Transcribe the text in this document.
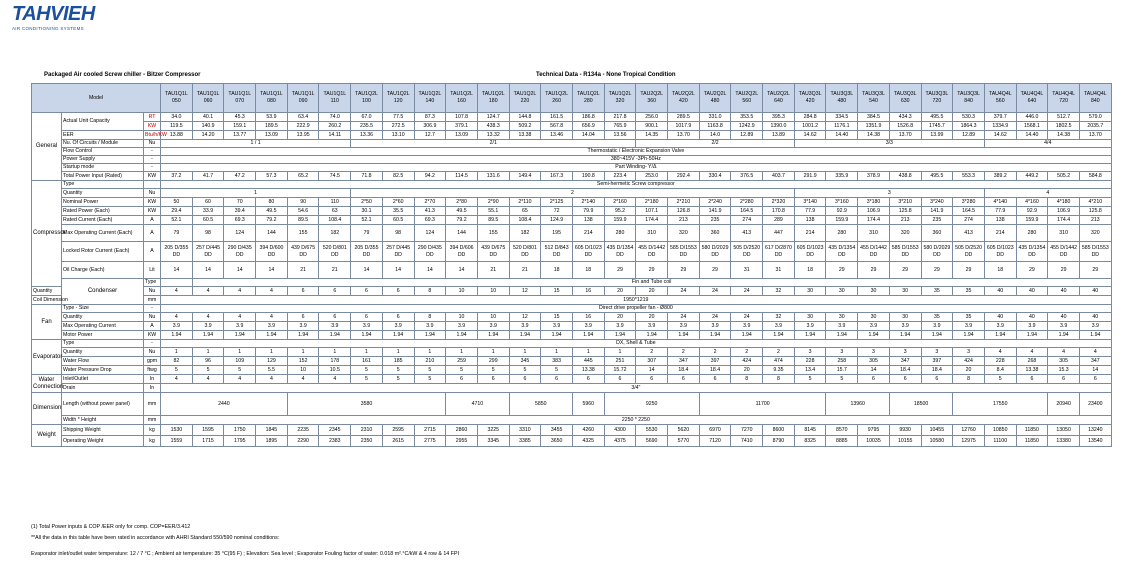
TAHVIEH
AIR CONDITIONING SYSTEMS
Packaged Air cooled Screw chiller - Bitzer Compressor	Technical Data - R134a - None Tropical Condition
Model			TAU1Q1L 050	TAU1Q1L 060	TAU1Q1L 070	TAU1Q1L 080	TAU1Q1L 090	TAU1Q1L 110	TAU1Q2L 100	TAU1Q2L 120	TAU1Q2L 140	TAU1Q2L 160	TAU1Q2L 180	TAU1Q2L 220	TAU1Q2L 260	TAU1Q2L 280	TAU1Q2L 320	TAU2Q2L 360	TAU2Q2L 420	TAU2Q2L 480	TAU2Q2L 560	TAU2Q2L 640	TAU3Q3L 420	TAU3Q3L 480	TAU3Q3L 540	TAU3Q3L 630	TAU3Q3L 720	TAU3Q3L 840	TAU4Q4L 560	TAU4Q4L 640	TAU4Q4L 720	TAU4Q4L 840
General	Actual Unit Capacity	RT	34.0	40.1	45.3	53.9	63.4	74.0	67.0	77.5	87.3	107.8	124.7	144.8	161.5	186.8	217.8	256.0	289.5	331.0	353.5	395.3	284.8	334.5	384.5	434.3	495.5	530.3	379.7	446.0	512.7	579.0
		KW	119.5	140.9	159.1	189.5	222.9	260.2	235.5	272.5	306.9	379.1	438.3	509.2	567.8	656.9	765.9	900.1	1017.9	1163.8	1242.9	1390.0	1001.2	1176.1	1351.9	1526.8	1745.7	1864.3	1334.9	1568.1	1802.5	2035.7
	EER	Btu/h/KW	13.88	14.20	13.77	13.09	13.95	14.11	13.36	13.10	12.7	13.09	13.32	13.38	13.46	14.04	13.56	14.35	13.70	14.0	12.89	13.89	14.62	14.40	14.38	13.70	13.99	12.89	14.62	14.40	14.38	13.70
	Nu. Of Circuits / Module	Nu	1 / 1						2/1									2/2					3/3						4/4			
	Flow Control	-	Thermostatic / Electronic Expansion Valve																													
	Power Supply	-	380~415V -3Ph-50Hz																													
	Startup mode	-	Part Winding- Y/Δ																													
	Total Power Input (Rated)	KW	37.2	41.7	47.2	57.3	65.2	74.5	71.8	82.5	94.2	114.5	131.6	149.4	167.3	190.8	223.4	253.0	292.4	330.4	376.5	403.7	291.9	335.9	378.9	438.8	495.5	553.3	389.2	449.2	505.2	584.8
Compressor	Type		Semi-hermetic Screw compressor																													
	Quantity	Nu	1						2														3						4			
	Nominal Power	KW	50	60	70	80	90	110	2*50	2*60	2*70	2*80	2*90	2*110	2*125	2*140	2*160	2*180	2*210	2*240	2*280	2*320	3*140	3*160	3*180	3*210	3*240	3*280	4*140	4*160	4*180	4*210
	Rated Power (Each)	KW	29.4	33.9	39.4	49.5	54.6	63	30.1	35.5	41.3	49.5	55.1	65	72	79.9	95.2	107.1	126.8	141.9	164.5	170.8	77.9	92.9	106.9	125.8	141.9	164.5	77.9	92.9	106.9	125.8
	Rated Current (Each)	A	52.1	60.5	69.3	79.2	89.5	108.4	52.1	60.5	69.3	79.2	89.5	108.4	124.9	138	159.9	174.4	213	235	274	289	138	159.9	174.4	213	235	274	138	159.9	174.4	213
	Max Operating Current (Each)	A	79	98	124	144	155	182	79	98	124	144	155	182	195	214	280	310	320	360	413	447	214	280	310	320	360	413	214	280	310	320
	Locked Rotor Current (Each)	A	205 D/355 DD	257 D/445 DD	290 D/435 DD	394 D/600 DD	439 D/675 DD	520 D/801 DD	205 D/355 DD	257 D/445 DD	290 D/435 DD	394 D/606 DD	439 D/675 DD	520 D/801 DD	512 D/843 DD	605 D/1023 DD	435 D/1354 DD	455 D/1442 DD	585 D/1553 DD	580 D/2029 DD	505 D/2520 DD	617 D/2870 DD	605 D/1023 DD	435 D/1354 DD	455 D/1442 DD	585 D/1553 DD	580 D/2029 DD	505 D/2520 DD	605 D/1023 DD	435 D/1354 DD	455 D/1442 DD	585 D/1553 DD
	Oil Charge (Each)	Lit	14	14	14	14	21	21	14	14	14	14	21	21	18	18	29	29	29	29	31	31	18	29	29	29	29	29	18	29	29	29
	Condenser	Type		Fin and Tube coil																												
Quantity		Nu	4	4	4	4	6	6	6	6	8	10	10	12	15	16	20	20	24	24	24	32	30	30	30	30	35	35	40	40	40	40
Coil Dimension		mm	1950*1219																													
Fan	Type - Size	-	Direct drive propeller fan - Ø800																													
	Quantity	Nu	4	4	4	4	6	6	6	6	8	10	10	12	15	16	20	20	24	24	24	32	30	30	30	30	35	35	40	40	40	40
	Max Operating Current	A	3.9	3.9	3.9	3.9	3.9	3.9	3.9	3.9	3.9	3.9	3.9	3.9	3.9	3.9	3.9	3.9	3.9	3.9	3.9	3.9	3.9	3.9	3.9	3.9	3.9	3.9	3.9	3.9	3.9	3.9
	Motor Power	KW	1.94	1.94	1.94	1.94	1.94	1.94	1.94	1.94	1.94	1.94	1.94	1.94	1.94	1.94	1.94	1.94	1.94	1.94	1.94	1.94	1.94	1.94	1.94	1.94	1.94	1.94	1.94	1.94	1.94	1.94
Evaporator	Type	-	DX, Shell & Tube																													
	Quantity	Nu	1	1	1	1	1	1	1	1	1	1	1	1	1	1	1	2	2	2	2	2	3	3	3	3	3	3	4	4	4	4
	Water Flow	gpm	82	96	109	129	152	178	161	185	210	259	299	345	383	445	251	307	347	397	424	474	228	258	305	347	397	424	228	268	305	347
	Water Pressure Drop	ftwg	5	5	5	5.5	10	10.5	5	5	5	5	5	5	5	13.38	15.72	14	18.4	18.4	20	9.35	13.4	15.7	14	18.4	18.4	20	8.4	13.38	15.3	14
Water Connection	Inlet/Outlet	In	4	4	4	4	4	4	5	5	5	6	6	6	6	6	6	6	6	6	8	8	5	5	6	6	6	8	5	6	6	6
	Drain	In	3/4"																													
Dimension	Length (without power panel)	mm	2440				3580					4710		5850		5960	9250			11700				13960		18500		17550			20940	23400
	Width * Height	mm	2250 * 2250																													
Weight	Shipping Weight	kg	1530	1595	1750	1845	2235	2345	2310	2595	2715	2860	3225	3310	3455	4260	4300	5530	5620	6970	7270	8600	8145	8570	9795	9930	10455	12760	10850	11850	13050	13240
	Operating Weight	kg	1559	1715	1795	1895	2290	2383	2350	2615	2775	2955	3345	3385	3650	4325	4375	5690	5770	7120	7410	8790	8325	8885	10035	10155	10580	12975	11100	11850	13380	13540
(1) Total Power inputs & COP /EER only for comp. COP=EER/3.412
**All the data in this table have been rated in accordance with AHRI Standard 550/590 nominal conditions:
Evaporator inlet/outlet water temperature: 12 / 7 °C ; Ambient air temperature: 35 °C(95 F) ; Elevation: Sea level ; Evaporator Fouling factor of water: 0.018 m².°C/kW & 4 row & 14 FPI
